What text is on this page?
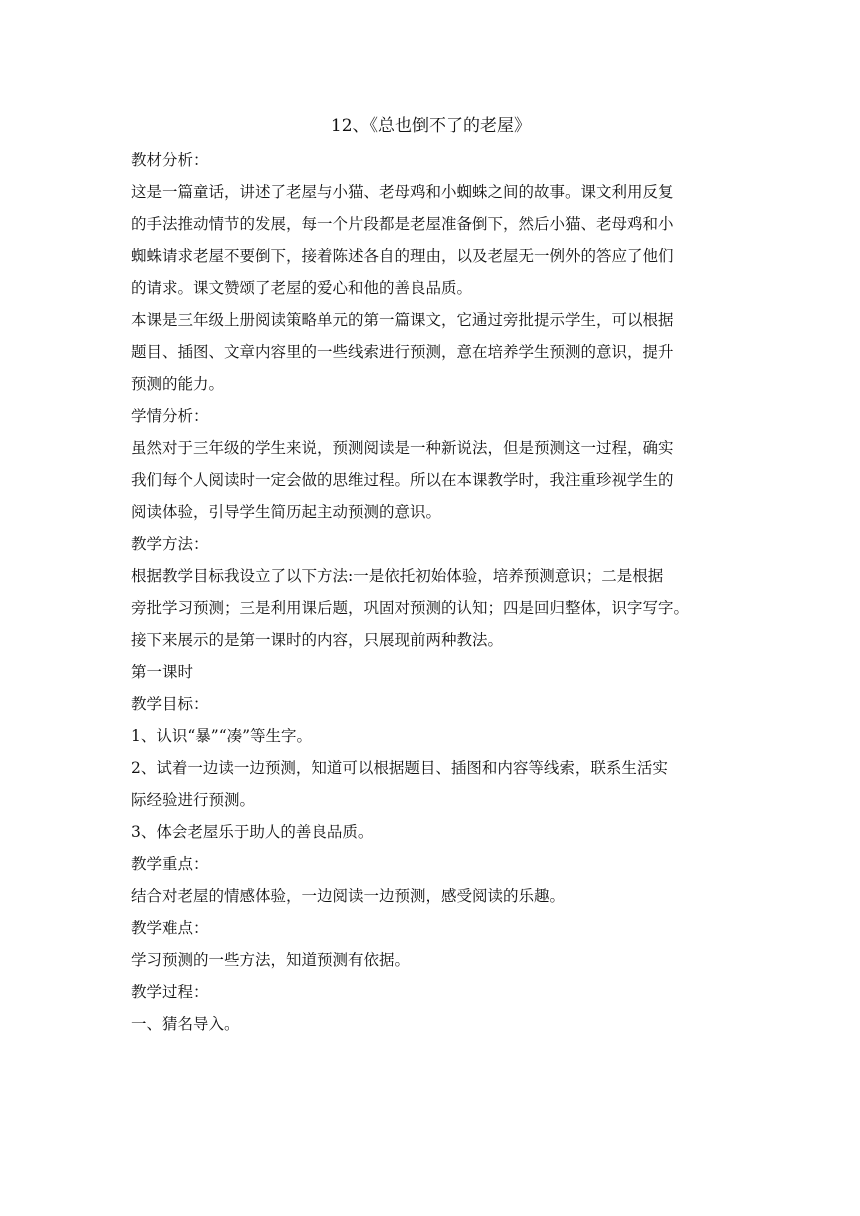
12、《总也倒不了的老屋》

教材分析：

这是一篇童话，讲述了老屋与小猫、老母鸡和小蜘蛛之间的故事。课文利用反复

的手法推动情节的发展，每一个片段都是老屋准备倒下，然后小猫、老母鸡和小

蜘蛛请求老屋不要倒下，接着陈述各自的理由，以及老屋无一例外的答应了他们

的请求。课文赞颂了老屋的爱心和他的善良品质。

本课是三年级上册阅读策略单元的第一篇课文，它通过旁批提示学生，可以根据

题目、插图、文章内容里的一些线索进行预测，意在培养学生预测的意识，提升

预测的能力。

学情分析：

虽然对于三年级的学生来说，预测阅读是一种新说法，但是预测这一过程，确实

我们每个人阅读时一定会做的思维过程。所以在本课教学时，我注重珍视学生的

阅读体验，引导学生简历起主动预测的意识。

教学方法：

根据教学目标我设立了以下方法:一是依托初始体验，培养预测意识；二是根据

旁批学习预测；三是利用课后题，巩固对预测的认知；四是回归整体，识字写字。

接下来展示的是第一课时的内容，只展现前两种教法。

第一课时

教学目标：

1、认识“暴”“凑”等生字。

2、试着一边读一边预测，知道可以根据题目、插图和内容等线索，联系生活实

际经验进行预测。

3、体会老屋乐于助人的善良品质。

教学重点：

结合对老屋的情感体验，一边阅读一边预测，感受阅读的乐趣。

教学难点：

学习预测的一些方法，知道预测有依据。

教学过程：

一、猜名导入。
